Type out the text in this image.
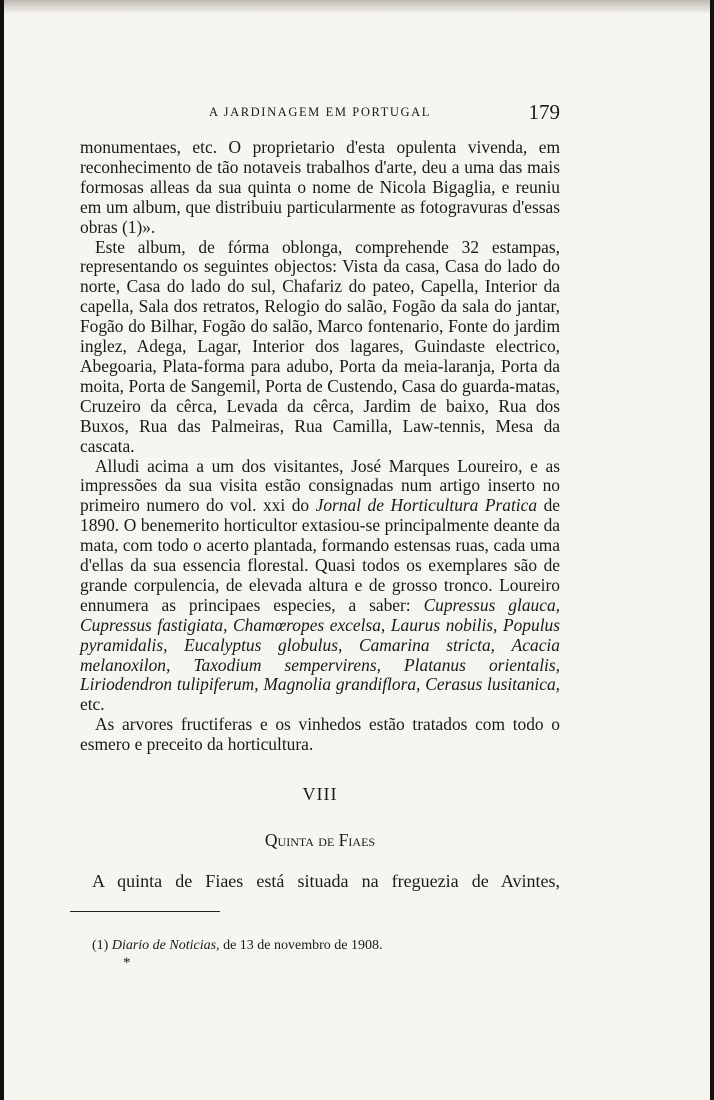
A JARDINAGEM EM PORTUGAL	179

monumentaes, etc. O proprietario d'esta opulenta vivenda, em reconhecimento de tão notaveis trabalhos d'arte, deu a uma das mais formosas alleas da sua quinta o nome de Nicola Bigaglia, e reuniu em um album, que distribuiu particularmente as fotogravuras d'essas obras (1)».

Este album, de fórma oblonga, comprehende 32 estampas, representando os seguintes objectos: Vista da casa, Casa do lado do norte, Casa do lado do sul, Chafariz do pateo, Capella, Interior da capella, Sala dos retratos, Relogio do salão, Fogão da sala do jantar, Fogão do Bilhar, Fogão do salão, Marco fontenario, Fonte do jardim inglez, Adega, Lagar, Interior dos lagares, Guindaste electrico, Abegoaria, Plata-forma para adubo, Porta da meia-laranja, Porta da moita, Porta de Sangemil, Porta de Custendo, Casa do guarda-matas, Cruzeiro da cêrca, Levada da cêrca, Jardim de baixo, Rua dos Buxos, Rua das Palmeiras, Rua Camilla, Law-tennis, Mesa da cascata.

Alludi acima a um dos visitantes, José Marques Loureiro, e as impressões da sua visita estão consignadas num artigo inserto no primeiro numero do vol. xxi do Jornal de Horticultura Pratica de 1890. O benemerito horticultor extasiou-se principalmente deante da mata, com todo o acerto plantada, formando estensas ruas, cada uma d'ellas da sua essencia florestal. Quasi todos os exemplares são de grande corpulencia, de elevada altura e de grosso tronco. Loureiro ennumera as principaes especies, a saber: Cupressus glauca, Cupressus fastigiata, Chamœropes excelsa, Laurus nobilis, Populus pyramidalis, Eucalyptus globulus, Camarina stricta, Acacia melanoxilon, Taxodium sempervirens, Platanus orientalis, Liriodendron tulipiferum, Magnolia grandiflora, Cerasus lusitanica, etc.

As arvores fructiferas e os vinhedos estão tratados com todo o esmero e preceito da horticultura.

VIII
Quinta de Fiaes
A quinta de Fiaes está situada na freguezia de Avintes,
(1) Diario de Noticias, de 13 de novembro de 1908.
*
